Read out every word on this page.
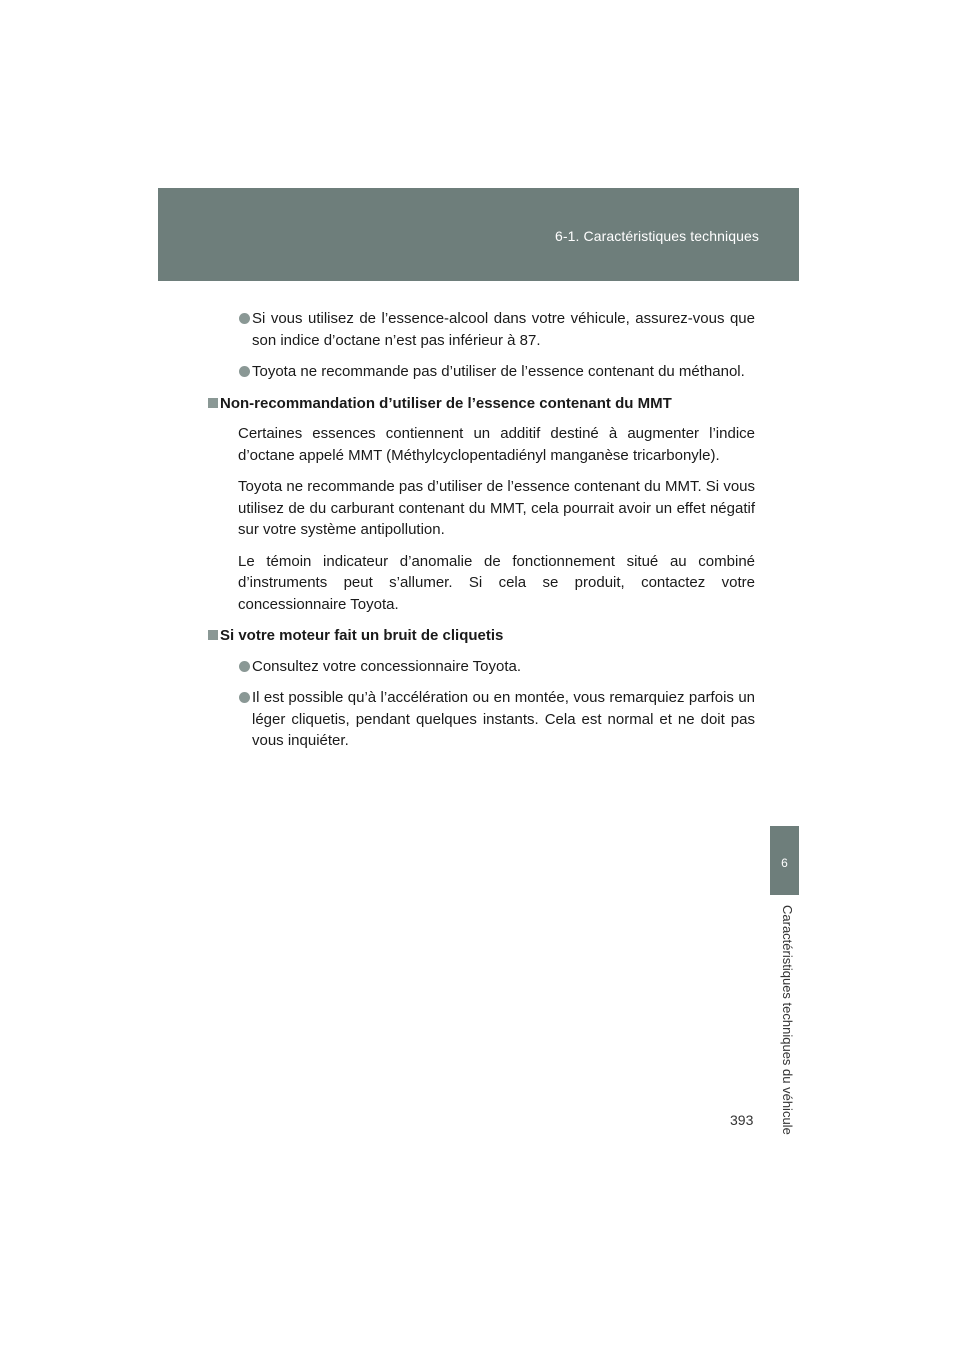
6-1. Caractéristiques techniques
6
Caractéristiques techniques du véhicule
Si vous utilisez de l’essence-alcool dans votre véhicule, assurez-vous que son indice d’octane n’est pas inférieur à 87.
Toyota ne recommande pas d’utiliser de l’essence contenant du méthanol.
Non-recommandation d’utiliser de l’essence contenant du MMT
Certaines essences contiennent un additif destiné à augmenter l’indice d’octane appelé MMT (Méthylcyclopentadiényl manganèse tricarbonyle).
Toyota ne recommande pas d’utiliser de l’essence contenant du MMT. Si vous utilisez de du carburant contenant du MMT, cela pourrait avoir un effet négatif sur votre système antipollution.
Le témoin indicateur d’anomalie de fonctionnement situé au combiné d’instruments peut s’allumer. Si cela se produit, contactez votre concessionnaire Toyota.
Si votre moteur fait un bruit de cliquetis
Consultez votre concessionnaire Toyota.
Il est possible qu’à l’accélération ou en montée, vous remarquiez parfois un léger cliquetis, pendant quelques instants. Cela est normal et ne doit pas vous inquiéter.
393
